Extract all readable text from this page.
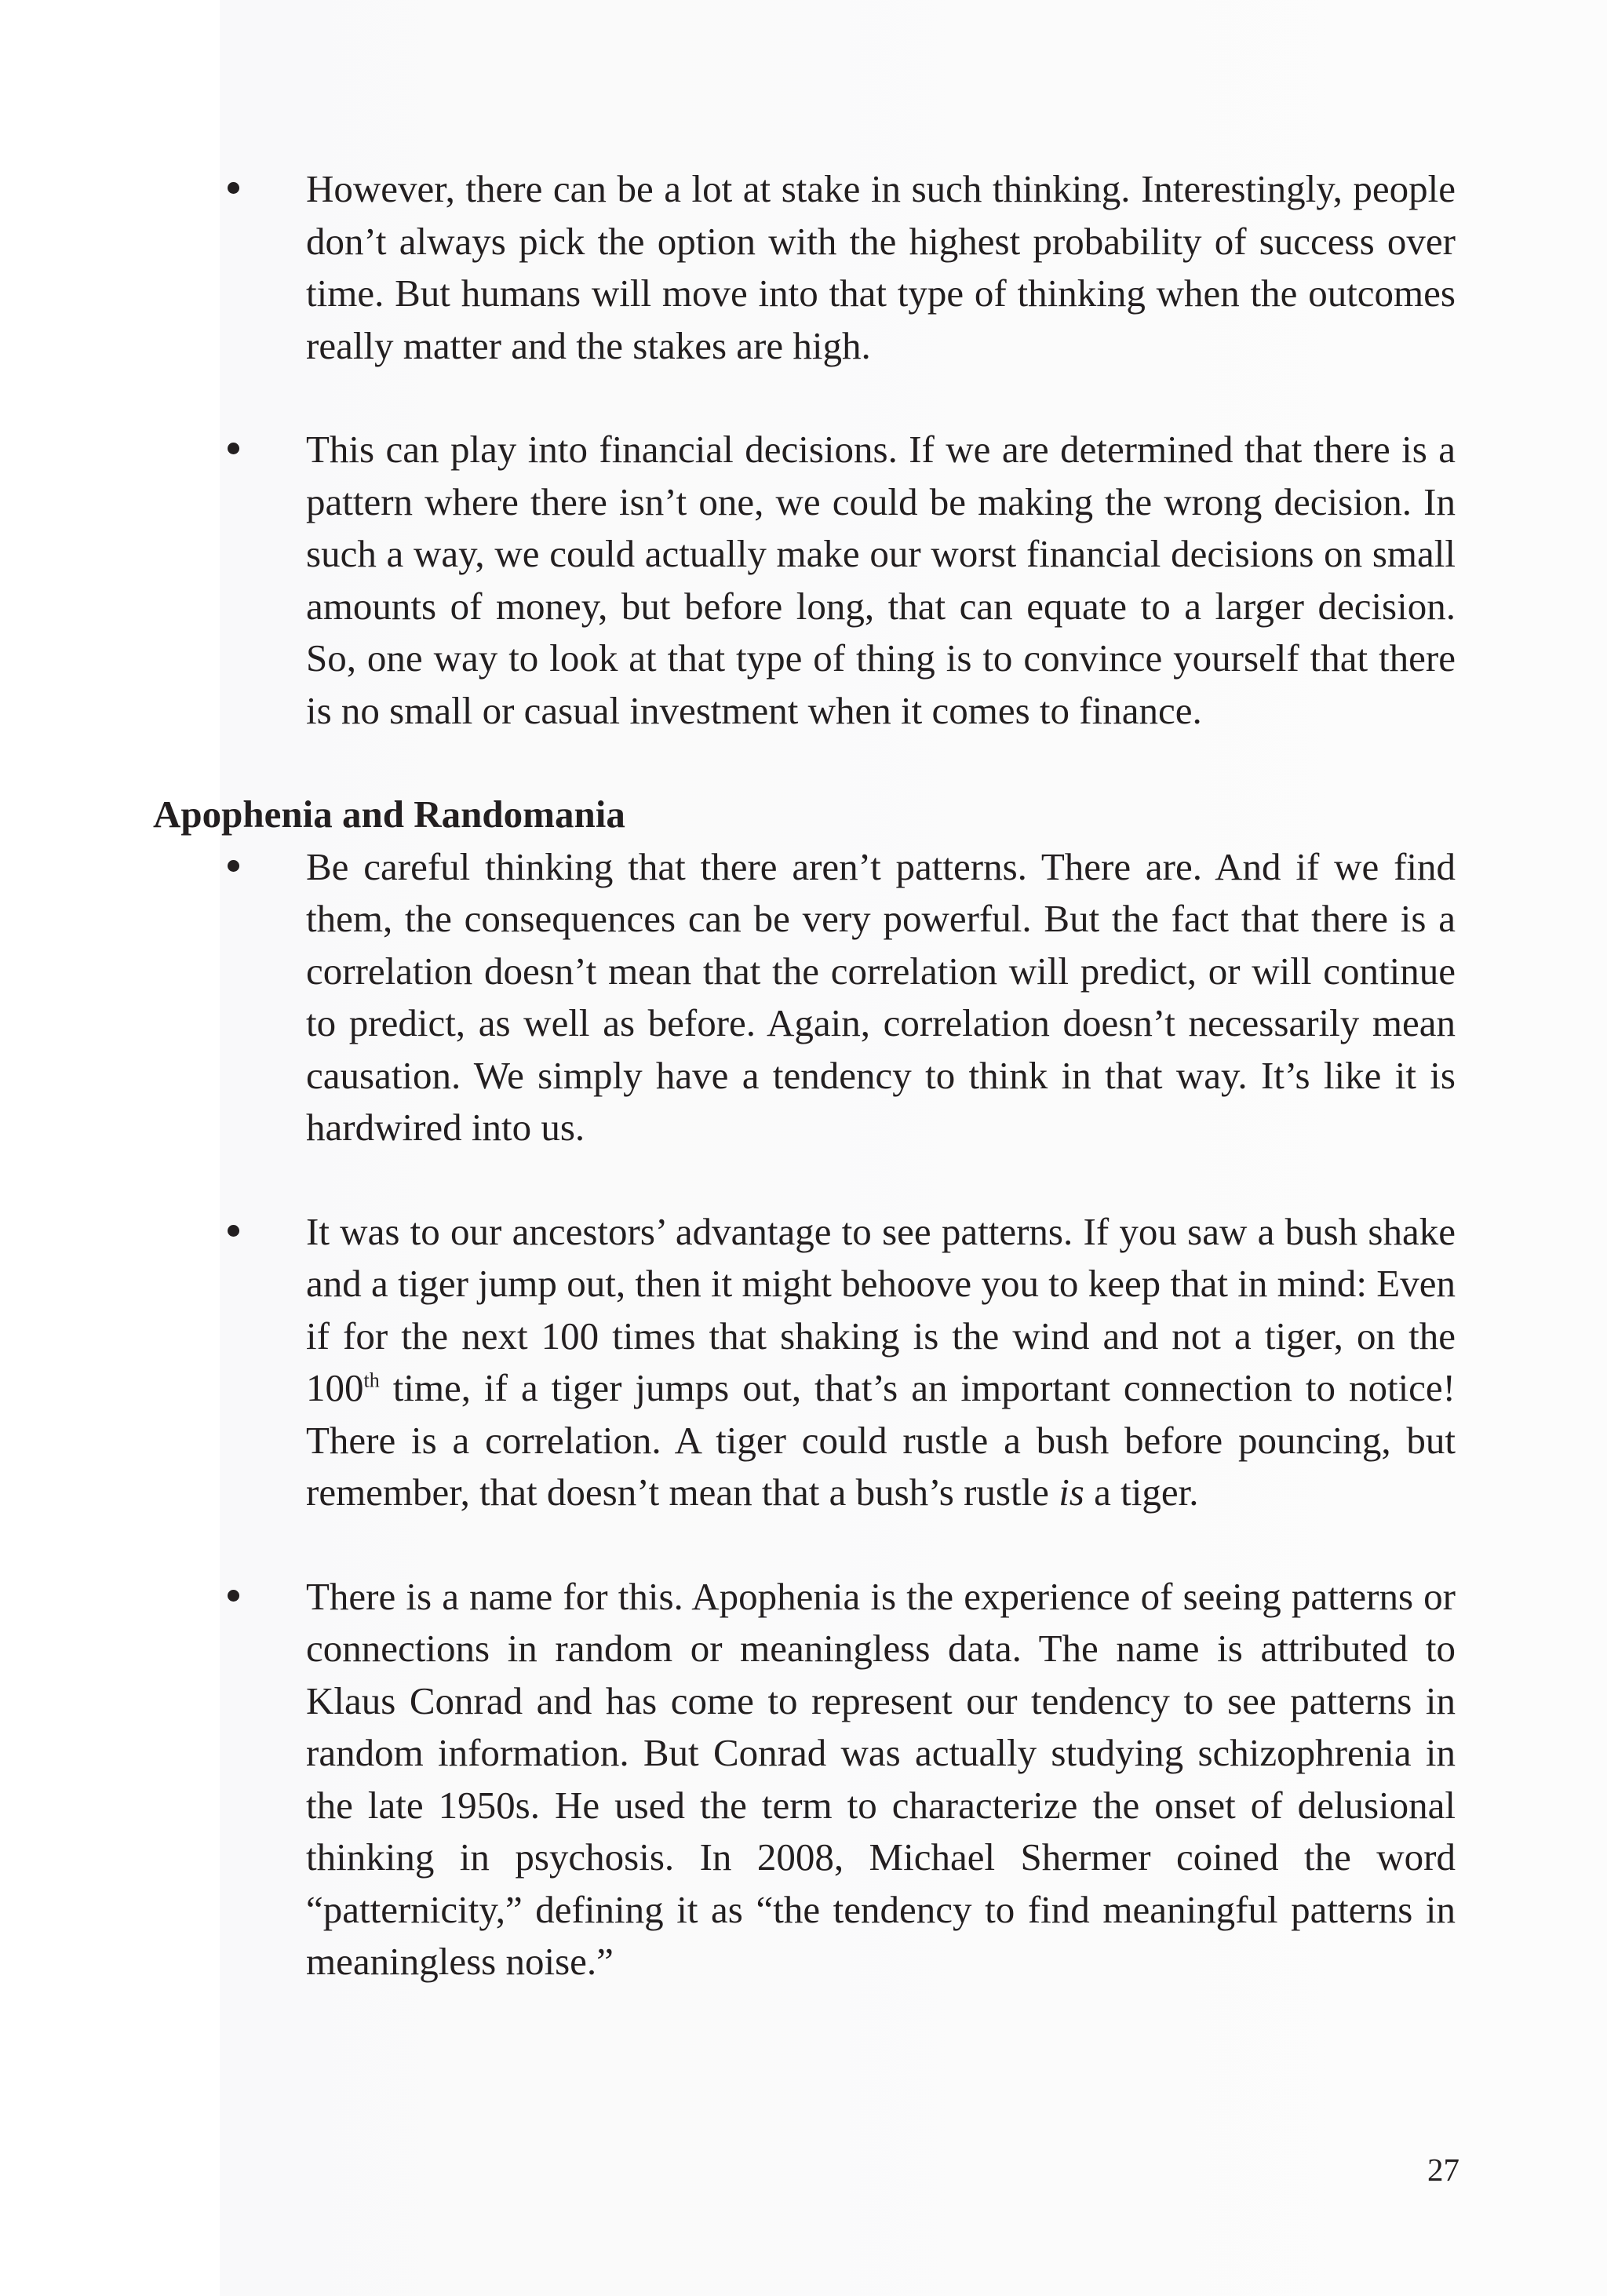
However, there can be a lot at stake in such thinking. Interestingly, people don’t always pick the option with the highest probability of success over time. But humans will move into that type of thinking when the outcomes really matter and the stakes are high.

This can play into financial decisions. If we are determined that there is a pattern where there isn’t one, we could be making the wrong decision. In such a way, we could actually make our worst financial decisions on small amounts of money, but before long, that can equate to a larger decision. So, one way to look at that type of thing is to convince yourself that there is no small or casual investment when it comes to finance.

Apophenia and Randomania

Be careful thinking that there aren’t patterns. There are. And if we find them, the consequences can be very powerful. But the fact that there is a correlation doesn’t mean that the correlation will predict, or will continue to predict, as well as before. Again, correlation doesn’t necessarily mean causation. We simply have a tendency to think in that way. It’s like it is hardwired into us.

It was to our ancestors’ advantage to see patterns. If you saw a bush shake and a tiger jump out, then it might behoove you to keep that in mind: Even if for the next 100 times that shaking is the wind and not a tiger, on the 100th time, if a tiger jumps out, that’s an important connection to notice! There is a correlation. A tiger could rustle a bush before pouncing, but remember, that doesn’t mean that a bush’s rustle is a tiger.

There is a name for this. Apophenia is the experience of seeing patterns or connections in random or meaningless data. The name is attributed to Klaus Conrad and has come to represent our tendency to see patterns in random information. But Conrad was actually studying schizophrenia in the late 1950s. He used the term to characterize the onset of delusional thinking in psychosis. In 2008, Michael Shermer coined the word “patternicity,” defining it as “the tendency to find meaningful patterns in meaningless noise.”

27
